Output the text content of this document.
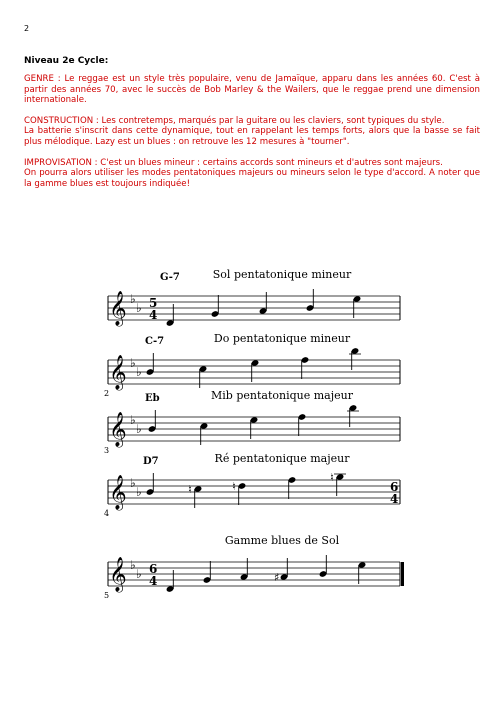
2
Niveau 2e Cycle:

GENRE : Le reggae est un style très populaire, venu de Jamaïque, apparu dans les années 60. C'est à partir des années 70, avec le succès de Bob Marley & the Wailers, que le reggae prend une dimension internationale.

CONSTRUCTION : Les contretemps, marqués par la guitare ou les claviers, sont typiques du style.

La batterie s'inscrit dans cette dynamique, tout en rappelant les temps forts, alors que la basse se fait plus mélodique. Lazy est un blues : on retrouve les 12 mesures à "tourner".

IMPROVISATION : C'est un blues mineur : certains accords sont mineurs et d'autres sont majeurs.

On pourra alors utiliser les modes pentatoniques majeurs ou mineurs selon le type d'accord. A noter que la gamme blues est toujours indiquée!

Sol pentatonique mineur
G-7
𝄞 ♭
♭ 5
4
Do pentatonique mineur
C-7
𝄞 ♭
♭
2	Mib pentatonique majeur
Eb
𝄞 ♭
♭
3
Ré pentatonique majeur
D7
𝄞 ♭
♭	6
4
4
♮	♮
♮
Gamme blues de Sol
𝄞 ♭
♭ 6
4
5
♯
